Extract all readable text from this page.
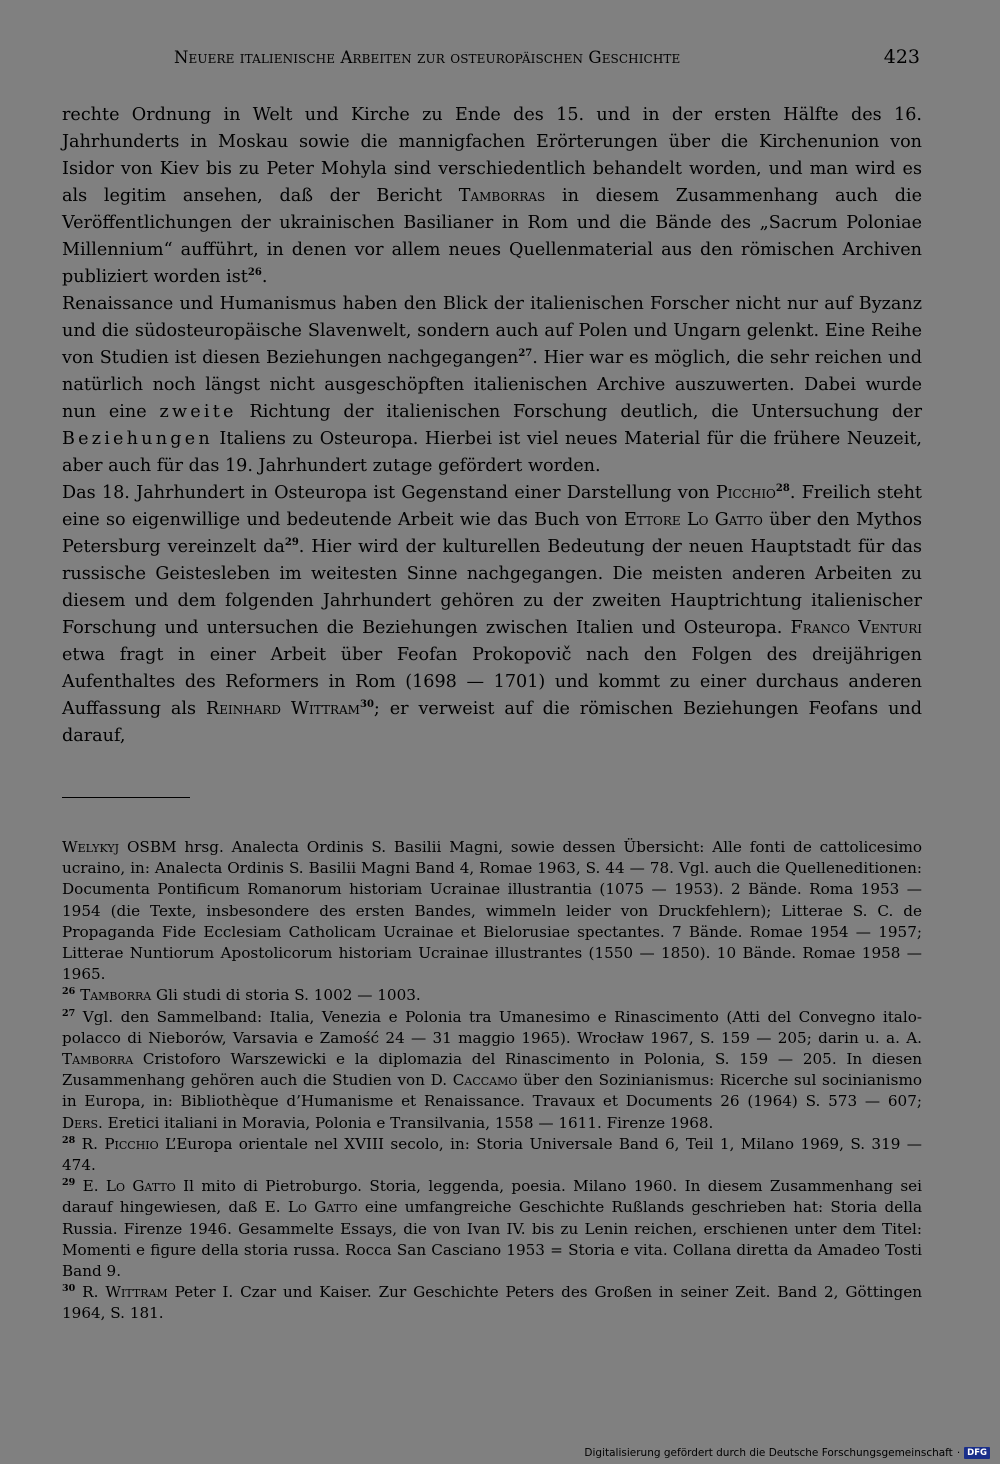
Neuere italienische Arbeiten zur osteuropäischen Geschichte	423

rechte Ordnung in Welt und Kirche zu Ende des 15. und in der ersten Hälfte des 16. Jahrhunderts in Moskau sowie die mannigfachen Erörterungen über die Kirchenunion von Isidor von Kiev bis zu Peter Mohyla sind verschiedentlich behandelt worden, und man wird es als legitim ansehen, daß der Bericht Tamborras in diesem Zusammenhang auch die Veröffentlichungen der ukrainischen Basilianer in Rom und die Bände des „Sacrum Poloniae Millennium“ aufführt, in denen vor allem neues Quellenmaterial aus den römischen Archiven publiziert worden ist$^{26}$.

Renaissance und Humanismus haben den Blick der italienischen Forscher nicht nur auf Byzanz und die südosteuropäische Slavenwelt, sondern auch auf Polen und Ungarn gelenkt. Eine Reihe von Studien ist diesen Beziehungen nachgegangen$^{27}$. Hier war es möglich, die sehr reichen und natürlich noch längst nicht ausgeschöpften italienischen Archive auszuwerten. Dabei wurde nun eine zweite Richtung der italienischen Forschung deutlich, die Untersuchung der Beziehungen Italiens zu Osteuropa. Hierbei ist viel neues Material für die frühere Neuzeit, aber auch für das 19. Jahrhundert zutage gefördert worden.

Das 18. Jahrhundert in Osteuropa ist Gegenstand einer Darstellung von Picchio$^{28}$. Freilich steht eine so eigenwillige und bedeutende Arbeit wie das Buch von Ettore Lo Gatto über den Mythos Petersburg vereinzelt $da^{29}$. Hier wird der kulturellen Bedeutung der neuen Hauptstadt für das russische Geistesleben im weitesten Sinne nachgegangen. Die meisten anderen Arbeiten zu diesem und dem folgenden Jahrhundert gehören zu der zweiten Hauptrichtung italienischer Forschung und untersuchen die Beziehungen zwischen Italien und Osteuropa. Franco Venturi etwa fragt in einer Arbeit über Feofan Prokopovič nach den Folgen des dreijährigen Aufenthaltes des Reformers in Rom (1698 — 1701) und kommt zu einer durchaus anderen Auffassung als Reinhard Wittram$^{30}$; er verweist auf die römischen Beziehungen Feofans und darauf,

Welykyj OSBM hrsg. Analecta Ordinis S. Basilii Magni, sowie dessen Übersicht: Alle fonti de cattolicesimo ucraino, in: Analecta Ordinis S. Basilii Magni Band 4, Romae 1963, S. 44 — 78. Vgl. auch die Quelleneditionen: Documenta Pontificum Romanorum historiam Ucrainae illustrantia (1075 — 1953). 2 Bände. Roma 1953 — 1954 (die Texte, insbesondere des ersten Bandes, wimmeln leider von Druckfehlern); Litterae S. C. de Propaganda Fide Ecclesiam Catholicam Ucrainae et Bielorusiae spectantes. 7 Bände. Romae 1954 — 1957; Litterae Nuntiorum Apostolicorum historiam Ucrainae illustrantes (1550 — 1850). 10 Bände. Romae 1958 — 1965.

$^{26}$ Tamborra Gli studi di storia S. 1002 — 1003.

$^{27}$ Vgl. den Sammelband: Italia, Venezia e Polonia tra Umanesimo e Rinascimento (Atti del Convegno italo-polacco di Nieborów, Varsavia e Zamość 24 — 31 maggio 1965). Wrocław 1967, S. 159 — 205; darin u. a. A. Tamborra Cristoforo Warszewicki e la diplomazia del Rinascimento in Polonia, S. 159 — 205. In diesen Zusammenhang gehören auch die Studien von D. Caccamo über den Sozinianismus: Ricerche sul socinianismo in Europa, in: Bibliothèque d’Humanisme et Renaissance. Travaux et Documents 26 (1964) S. 573 — 607; Ders. Eretici italiani in Moravia, Polonia e Transilvania, 1558 — 1611. Firenze 1968.

$^{28}$ R. Picchio L’Europa orientale nel XVIII secolo, in: Storia Universale Band 6, Teil 1, Milano 1969, S. 319 — 474.

$^{29}$ E. Lo Gatto Il mito di Pietroburgo. Storia, leggenda, poesia. Milano 1960. In diesem Zusammenhang sei darauf hingewiesen, daß E. Lo Gatto eine umfangreiche Geschichte Rußlands geschrieben hat: Storia della Russia. Firenze 1946. Gesammelte Essays, die von Ivan IV. bis zu Lenin reichen, erschienen unter dem Titel: Momenti e figure della storia russa. Rocca San Casciano 1953 = Storia e vita. Collana diretta da Amadeo Tosti Band 9.

$^{30}$ R. Wittram Peter I. Czar und Kaiser. Zur Geschichte Peters des Großen in seiner Zeit. Band 2, Göttingen 1964, S. 181.

Digitalisierung gefördert durch die Deutsche Forschungsgemeinschaft · DFG
